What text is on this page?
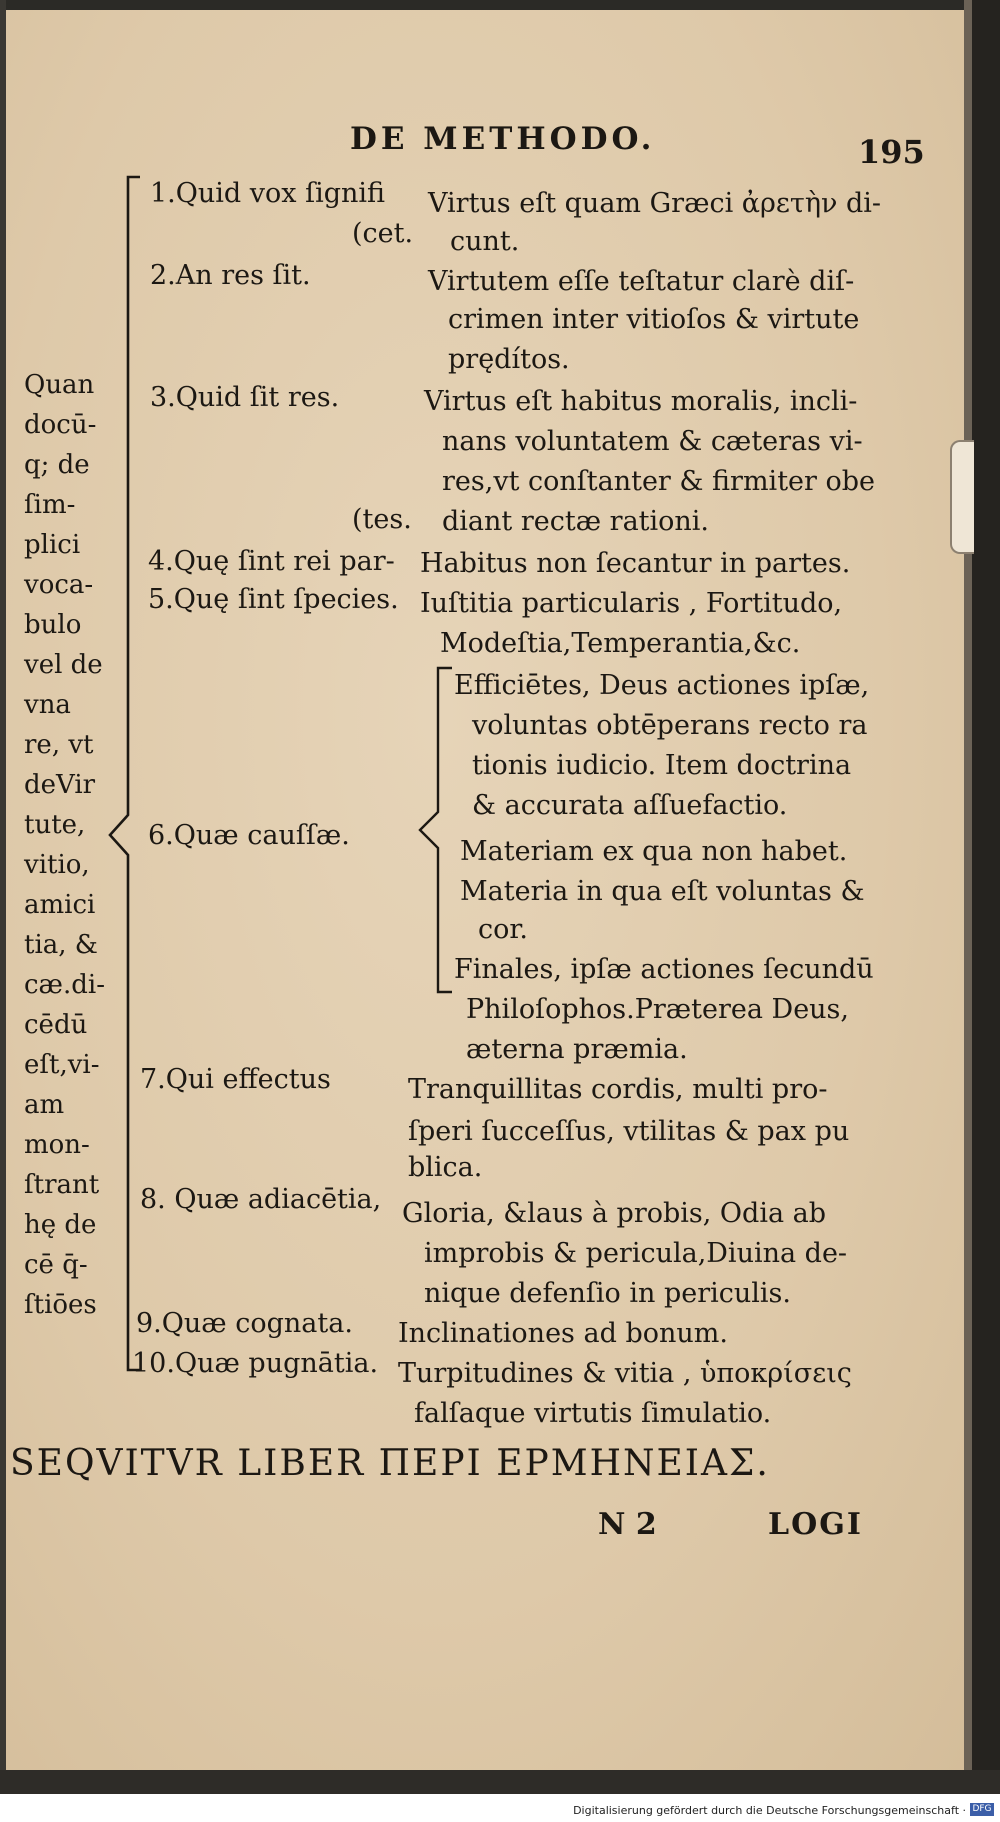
DE METHODO.	195
Quan
docū-
q; de
ſim-
plici
voca-
bulo
vel de
vna
re, vt
deVir
tute,
vitio,
amici
tia, &
cæ.di-
cēdū
eſt,vi-
am
mon-
ſtrant
hę de
cē q̄-
ſtiōes
1.Quid vox ſignifi
(cet.
2.An res ſit.
3.Quid ſit res.
(tes.
4.Quę ſint rei par-
5.Quę ſint ſpecies.
6.Quæ cauſſæ.
7.Qui effectus
8. Quæ adiacētia,
9.Quæ cognata.
10.Quæ pugnātia.
Virtus eſt quam Græci ἀρετὴν di-
cunt.
Virtutem eſſe teſtatur clarè diſ-
crimen inter vitioſos & virtute
prędítos.
Virtus eſt habitus moralis, incli-
nans voluntatem & cæteras vi-
res,vt conſtanter & firmiter obe
diant rectæ rationi.
Habitus non ſecantur in partes.
Iuſtitia particularis , Fortitudo,
Modeſtia,Temperantia,&c.
Efficiētes, Deus actiones ipſæ,
voluntas obtēperans recto ra
tionis iudicio. Item doctrina
& accurata aſſuefactio.
Materiam ex qua non habet.
Materia in qua eſt voluntas &
cor.
Finales, ipſæ actiones ſecundū
Philoſophos.Præterea Deus,
æterna præmia.
Tranquillitas cordis, multi pro-
ſperi ſucceſſus, vtilitas & pax pu
blica.
Gloria, &laus à probis, Odia ab
improbis & pericula,Diuina de-
nique defenſio in periculis.
Inclinationes ad bonum.
Turpitudines & vitia , ὑποκρίσεις
falſaque virtutis ſimulatio.
SEQVITVR LIBER ΠΕΡΙ ΕΡΜΗΝΕΙΑΣ.
N 2	LOGI
Digitalisierung gefördert durch die Deutsche Forschungsgemeinschaft · DFG
